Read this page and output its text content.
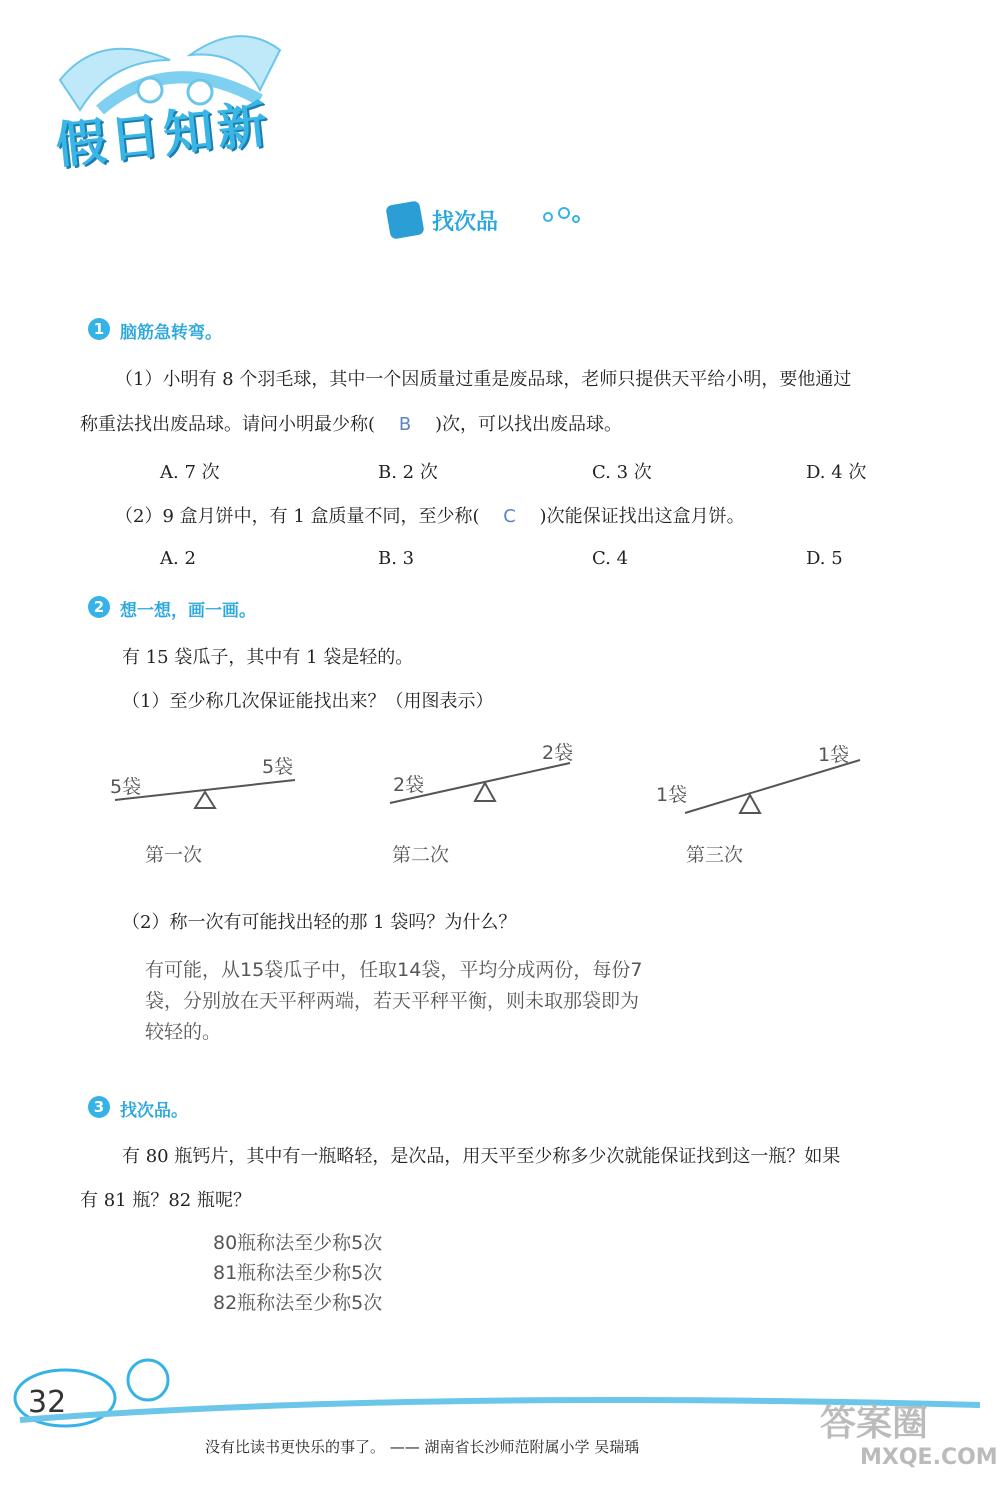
假日知新
找次品
1 脑筋急转弯。
（1）小明有 8 个羽毛球，其中一个因质量过重是废品球，老师只提供天平给小明，要他通过
称重法找出废品球。请问小明最少称( B )次，可以找出废品球。
A. 7 次	B. 2 次	C. 3 次	D. 4 次
（2）9 盒月饼中，有 1 盒质量不同，至少称( C )次能保证找出这盒月饼。
A. 2	B. 3	C. 4	D. 5
2 想一想，画一画。
有 15 袋瓜子，其中有 1 袋是轻的。
（1）至少称几次保证能找出来？（用图表示）
5袋
5袋
第一次
2袋
2袋
第二次
1袋
1袋
第三次
（2）称一次有可能找出轻的那 1 袋吗？为什么？
有可能，从15袋瓜子中，任取14袋，平均分成两份，每份7
袋，分别放在天平秤两端，若天平秤平衡，则未取那袋即为
较轻的。
3 找次品。
有 80 瓶钙片，其中有一瓶略轻，是次品，用天平至少称多少次就能保证找到这一瓶？如果
有 81 瓶？82 瓶呢？
80瓶称法至少称5次
81瓶称法至少称5次
82瓶称法至少称5次
32
没有比读书更快乐的事了。 —— 湖南省长沙师范附属小学 吴瑞瑀
答案圈
MXQE.COM
